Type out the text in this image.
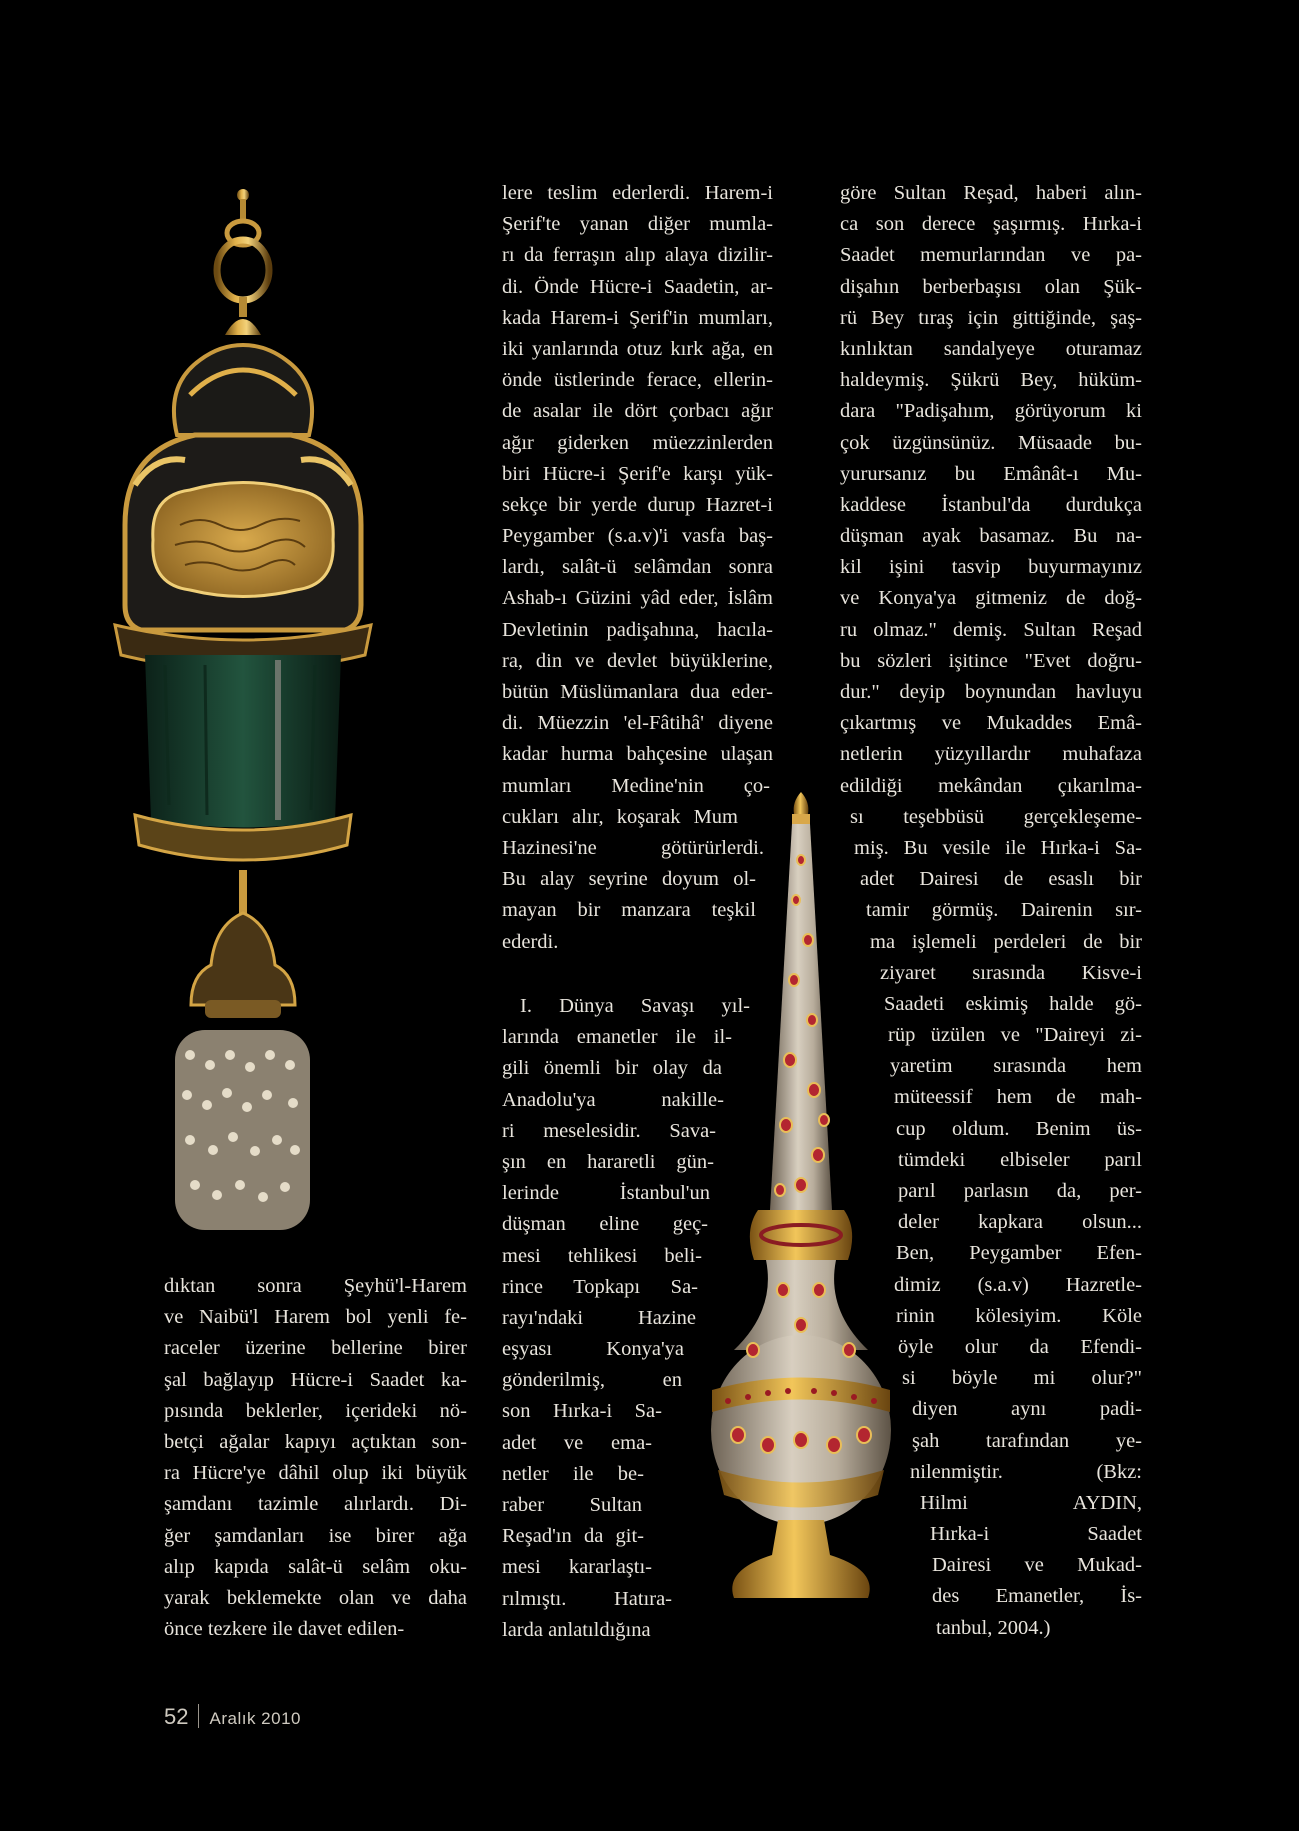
dıktan sonra Şeyhü'l-Harem
ve Naibü'l Harem bol yenli fe-
raceler üzerine bellerine birer
şal bağlayıp Hücre-i Saadet ka-
pısında beklerler, içerideki nö-
betçi ağalar kapıyı açtıktan son-
ra Hücre'ye dâhil olup iki büyük
şamdanı tazimle alırlardı. Di-
ğer şamdanları ise birer ağa
alıp kapıda salât-ü selâm oku-
yarak beklemekte olan ve daha
önce tezkere ile davet edilen-
lere teslim ederlerdi. Harem-i
Şerif'te yanan diğer mumla-
rı da ferraşın alıp alaya dizilir-
di. Önde Hücre-i Saadetin, ar-
kada Harem-i Şerif'in mumları,
iki yanlarında otuz kırk ağa, en
önde üstlerinde ferace, ellerin-
de asalar ile dört çorbacı ağır
ağır giderken müezzinlerden
biri Hücre-i Şerif'e karşı yük-
sekçe bir yerde durup Hazret-i
Peygamber (s.a.v)'i vasfa baş-
lardı, salât-ü selâmdan sonra
Ashab-ı Güzini yâd eder, İslâm
Devletinin padişahına, hacıla-
ra, din ve devlet büyüklerine,
bütün Müslümanlara dua eder-
di. Müezzin 'el-Fâtihâ' diyene
kadar hurma bahçesine ulaşan
mumları Medine'nin ço-
cukları alır, koşarak Mum
Hazinesi'ne götürürlerdi.
Bu alay seyrine doyum ol-
mayan bir manzara teşkil
ederdi.
I. Dünya Savaşı yıl-
larında emanetler ile il-
gili önemli bir olay da
Anadolu'ya nakille-
ri meselesidir. Sava-
şın en hararetli gün-
lerinde İstanbul'un
düşman eline geç-
mesi tehlikesi beli-
rince Topkapı Sa-
rayı'ndaki Hazine
eşyası Konya'ya
gönderilmiş, en
son Hırka-i Sa-
adet ve ema-
netler ile be-
raber Sultan
Reşad'ın da git-
mesi kararlaştı-
rılmıştı. Hatıra-
larda anlatıldığına
göre Sultan Reşad, haberi alın-
ca son derece şaşırmış. Hırka-i
Saadet memurlarından ve pa-
dişahın berberbaşısı olan Şük-
rü Bey tıraş için gittiğinde, şaş-
kınlıktan sandalyeye oturamaz
haldeymiş. Şükrü Bey, hüküm-
dara "Padişahım, görüyorum ki
çok üzgünsünüz. Müsaade bu-
yurursanız bu Emânât-ı Mu-
kaddese İstanbul'da durdukça
düşman ayak basamaz. Bu na-
kil işini tasvip buyurmayınız
ve Konya'ya gitmeniz de doğ-
ru olmaz." demiş. Sultan Reşad
bu sözleri işitince "Evet doğru-
dur." deyip boynundan havluyu
çıkartmış ve Mukaddes Emâ-
netlerin yüzyıllardır muhafaza
edildiği mekândan çıkarılma-
sı teşebbüsü gerçekleşeme-
miş. Bu vesile ile Hırka-i Sa-
adet Dairesi de esaslı bir
tamir görmüş. Dairenin sır-
ma işlemeli perdeleri de bir
ziyaret sırasında Kisve-i
Saadeti eskimiş halde gö-
rüp üzülen ve "Daireyi zi-
yaretim sırasında hem
müteessif hem de mah-
cup oldum. Benim üs-
tümdeki elbiseler parıl
parıl parlasın da, per-
deler kapkara olsun...
Ben, Peygamber Efen-
dimiz (s.a.v) Hazretle-
rinin kölesiyim. Köle
öyle olur da Efendi-
si böyle mi olur?"
diyen aynı padi-
şah tarafından ye-
nilenmiştir. (Bkz:
Hilmi AYDIN,
Hırka-i Saadet
Dairesi ve Mukad-
des Emanetler, İs-
tanbul, 2004.)
52 Aralık 2010
